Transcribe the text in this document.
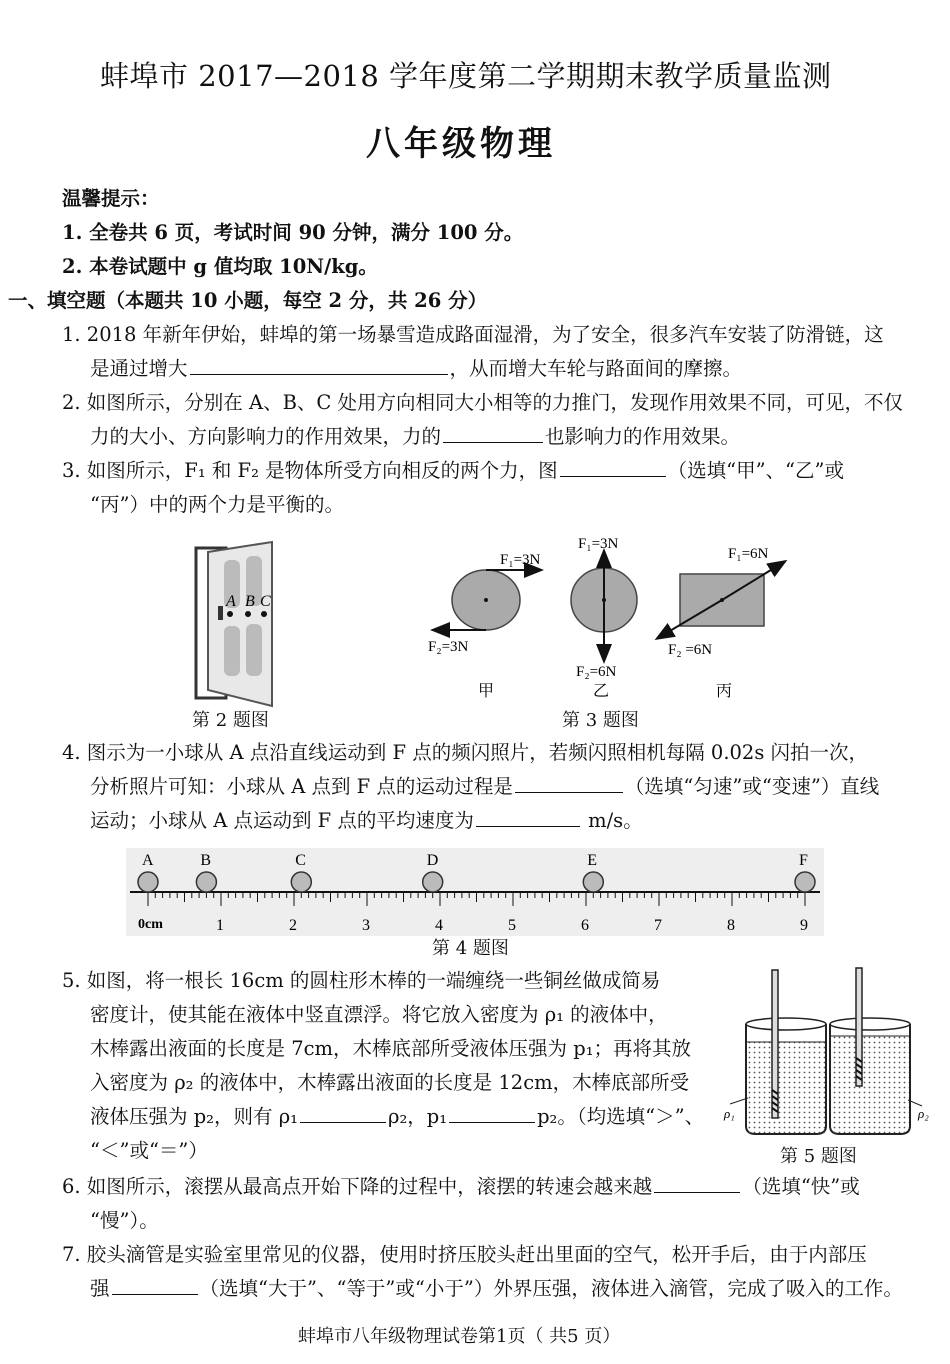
蚌埠市 2017—2018 学年度第二学期期末教学质量监测
八年级物理
温馨提示：
1. 全卷共 6 页，考试时间 90 分钟，满分 100 分。
2. 本卷试题中 g 值均取 10N/kg。
一、填空题（本题共 10 小题，每空 2 分，共 26 分）
1. 2018 年新年伊始，蚌埠的第一场暴雪造成路面湿滑，为了安全，很多汽车安装了防滑链，这
是通过增大	，从而增大车轮与路面间的摩擦。
2. 如图所示，分别在 A、B、C 处用方向相同大小相等的力推门，发现作用效果不同，可见，不仅
力的大小、方向影响力的作用效果，力的	也影响力的作用效果。
3. 如图所示，F₁ 和 F₂ 是物体所受方向相反的两个力，图	（选填“甲”、“乙”或
“丙”）中的两个力是平衡的。
A B C
第 2 题图
F₁=3N
F₂=3N
甲
F₁=3N
F₂=6N
乙
F₁=6N
F₂ =6N
丙
第 3 题图
4. 图示为一小球从 A 点沿直线运动到 F 点的频闪照片，若频闪照相机每隔 0.02s 闪拍一次，
分析照片可知：小球从 A 点到 F 点的运动过程是	（选填“匀速”或“变速”）直线
运动；小球从 A 点运动到 F 点的平均速度为	m/s。
1	2	3	4	5	6	7	8	9
A	B	C	D	E	F
0cm
第 4 题图
5. 如图，将一根长 16cm 的圆柱形木棒的一端缠绕一些铜丝做成简易
密度计，使其能在液体中竖直漂浮。将它放入密度为 ρ₁ 的液体中，
木棒露出液面的长度是 7cm，木棒底部所受液体压强为 p₁；再将其放
入密度为 ρ₂ 的液体中，木棒露出液面的长度是 12cm，木棒底部所受
液体压强为 p₂，则有 ρ₁	ρ₂，p₁	p₂。（均选填“＞”、
“＜”或“＝”）
ρ₁	ρ₂
第 5 题图
6. 如图所示，滚摆从最高点开始下降的过程中，滚摆的转速会越来越	（选填“快”或
“慢”）。
7. 胶头滴管是实验室里常见的仪器，使用时挤压胶头赶出里面的空气，松开手后，由于内部压
强	（选填“大于”、“等于”或“小于”）外界压强，液体进入滴管，完成了吸入的工作。
蚌埠市八年级物理试卷第1页（ 共5 页）
